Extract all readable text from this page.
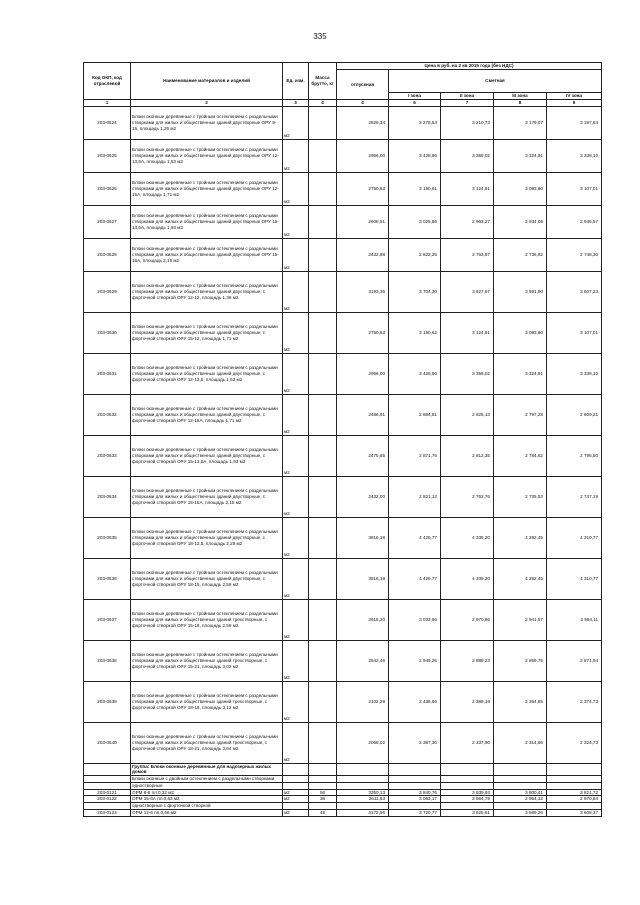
335
Код ОКП, код отраслевой	Наименование материалов и изделий	Ед. изм.	Масса брутто, кг	Цена в руб. на 2 кв 2015 года (без НДС)				
				отпускная	Сметная			
					I зона	II зона	III зона	IV зона
1	2	3	4	4	6	7	8	9
203-0624	Блоки оконные деревянные с тройным остеклением с раздельными створками для жилых и общественных зданий двустворные ОРУ 9-15, площадь 1,26 м2	м2		2826,34	3 278,54	3 210,73	3 179,07	3 197,84
203-0625	Блоки оконные деревянные с тройным остеклением с раздельными створками для жилых и общественных зданий двустворные ОРУ 12-13,5А, площадь 1,53 м2	м2		2956,00	3 428,96	3 358,02	3 324,91	3 338,10
203-0626	Блоки оконные деревянные с тройным остеклением с раздельными створками для жилых и общественных зданий двустворные ОРУ 12-15А, площадь 1,71 м2	м2		2750,53	3 190,61	3 124,61	3 093,80	3 107,01
203-0627	Блоки оконные деревянные с тройным остеклением с раздельными створками для жилых и общественных зданий двустворные ОРУ 15-13,5А, площадь 1,93 м2	м2		2608,51	3 025,86	2 963,27	2 934,05	2 946,57
203-0628	Блоки оконные деревянные с тройным остеклением с раздельными створками для жилых и общественных зданий двустворные ОРУ 15-15А, площадь 2,15 м2	м2		2432,98	2 822,25	2 763,87	2 736,62	2 748,30
203-0629	Блоки оконные деревянные с тройным остеклением с раздельными створками для жилых и общественных зданий двустворные, с форточной створкой ОРУ 12-12, площадь 1,36 м2	м2		3193,35	3 704,30	3 627,67	3 591,90	3 607,23
203-0630	Блоки оконные деревянные с тройным остеклением с раздельными створками для жилых и общественных зданий двустворные, с форточной створкой ОРУ 15-12, площадь 1,71 м2	м2		2750,53	3 190,62	3 124,61	3 093,80	3 107,01
203-0631	Блоки оконные деревянные с тройным остеклением с раздельными створками для жилых и общественных зданий двустворные, с форточной створкой ОРУ 12-13,5, площадь 1,53 м2	м2		2956,00	3 428,96	3 358,02	3 324,91	3 338,10
203-0632	Блоки оконные деревянные с тройным остеклением с раздельными створками для жилых и общественных зданий двустворные, с форточной створкой ОРУ 12-15А, площадь 1,71 м2	м2		2486,91	2 884,81	2 825,13	2 797,28	2 809,21
203-0633	Блоки оконные деревянные с тройным остеклением с раздельными створками для жилых и общественных зданий двустворные, с форточной створкой ОРУ 15-13,5А, площадь 1,93 м2	м2		2475,65	2 871,76	2 812,35	2 784,62	2 796,50
203-0634	Блоки оконные деревянные с тройным остеклением с раздельными створками для жилых и общественных зданий двустворные, с форточной створкой ОРУ 15-15А, площадь 2,15 м2	м2		2432,00	2 821,12	2 762,76	2 735,53	2 747,19
203-0635	Блоки оконные деревянные с тройным остеклением с раздельными створками для жилых и общественных зданий двустворные, с форточной створкой ОРУ 18-13,5, площадь 2,29 м2	м2		3816,18	4 426,77	4 335,20	4 292,45	4 310,77
203-0636	Блоки оконные деревянные с тройным остеклением с раздельными створками для жилых и общественных зданий двустворные, с форточной створкой ОРУ 18-15, площадь 2,59 м2	м2		3816,18	4 426,77	4 335,20	4 292,45	4 310,77
203-0637	Блоки оконные деревянные с тройным остеклением с раздельными створками для жилых и общественных зданий трехстворные, с форточной створкой ОРУ 15-18, площадь 2,59 м2	м2		2615,20	3 033,66	2 970,86	2 941,57	2 954,11
203-0638	Блоки оконные деревянные с тройным остеклением с раздельными створками для жилых и общественных зданий трехстворные, с форточной створкой ОРУ 15-21, площадь 3,02 м2	м2		2542,46	2 949,26	2 888,23	2 859,75	2 871,94
203-0639	Блоки оконные деревянные с тройным остеклением с раздельными створками для жилых и общественных зданий трехстворные, с форточной створкой ОРУ 18-18, площадь 3,12 м2	м2		2102,29	2 438,66	2 388,19	2 364,65	2 374,73
203-0640	Блоки оконные деревянные с тройным остеклением с раздельными створками для жилых и общественных зданий трехстворные, с форточной створкой ОРУ 18-21, площадь 3,64 м2	м2		2058,02	2 387,30	2 337,90	2 314,86	2 324,73
	Группа: Блоки оконные деревянные для надозерных жилых домов							
	Блоки оконные с двойным остеклением с раздельными створками							
	одностворные							
203-0121	ОРМ 6-6 пл.0,32 м2	м2	56	3350,13	3 840,76	3 839,93	3 800,41	3 821,72
203-0122	ОРМ 15-6А пл.0,63 м2	м2	38	2611,83	3 063,17	2 984,79	2 954,12	2 970,84
	одностворные с форточкой створкой							
203-0123	ОРМ 12-6 пл.0,66 м2	м2	48	3172,56	3 720,77	3 625,61	3 589,26	3 608,37
